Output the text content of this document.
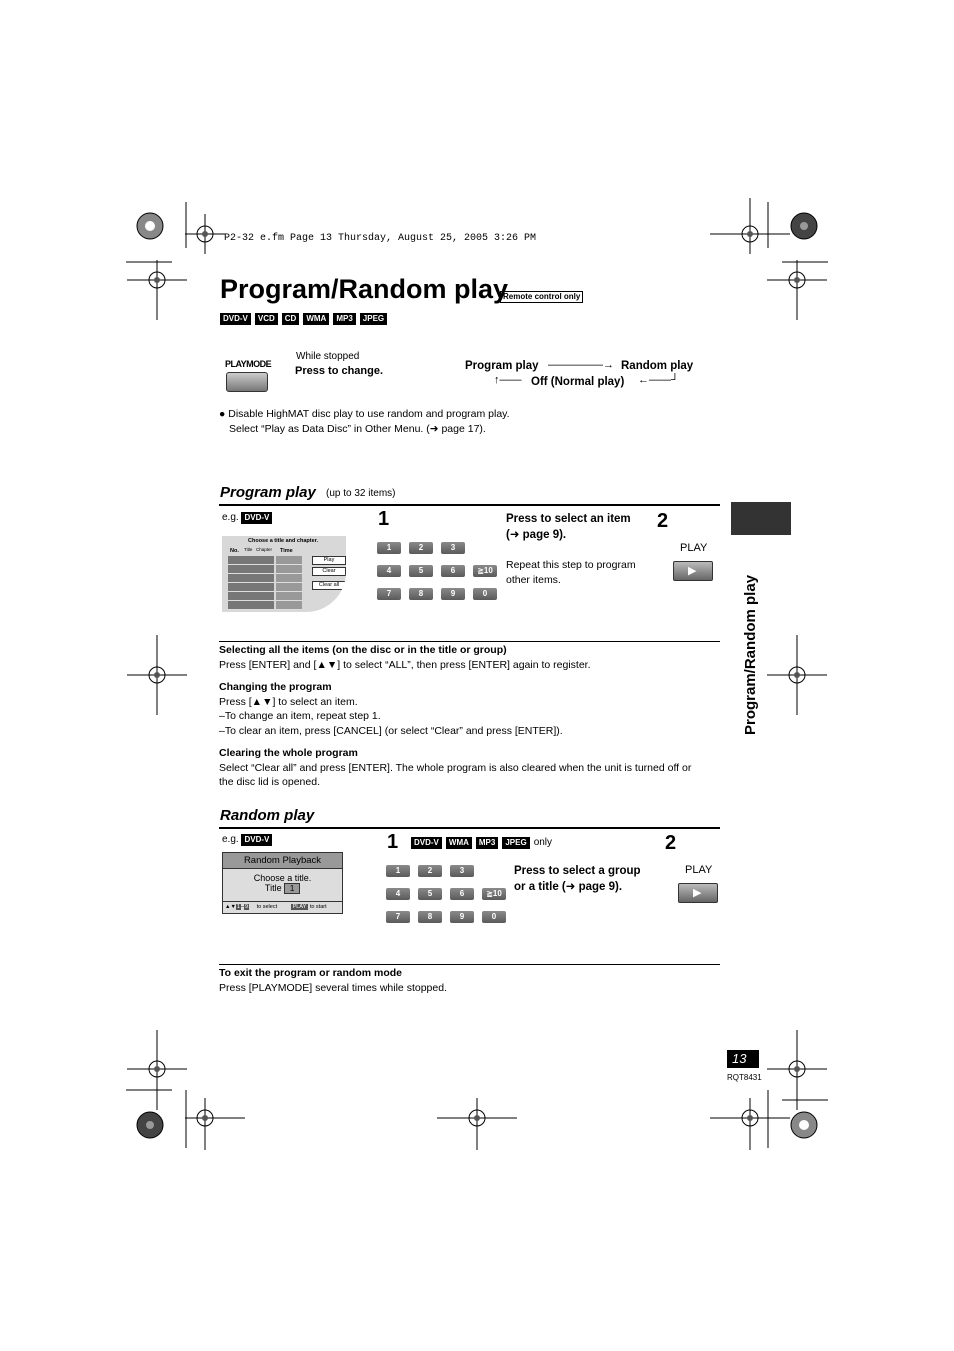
P2-32 e.fm Page 13 Thursday, August 25, 2005 3:26 PM
Program/Random play
Remote control only
DVD-V VCD CD WMA MP3 JPEG
PLAYMODE
While stopped
Press to change.	Program play —————→ Random play
↑—— Off (Normal play) ←——┘
● Disable HighMAT disc play to use random and program play.
Select “Play as Data Disc” in Other Menu. (➜ page 17).
Program/Random play
Program play (up to 32 items)
e.g. DVD-V
Choose a title and chapter.
No. Title Chapter Time
Play
Clear
Clear all
1
1	2	3
4	5	6	≧10
7	8	9	0
Press to select an item
(➜ page 9).
Repeat this step to program
other items.
2
PLAY
▶
Selecting all the items (on the disc or in the title or group)
Press [ENTER] and [▲▼] to select “ALL”, then press [ENTER] again to register.
Changing the program
Press [▲▼] to select an item.
–To change an item, repeat step 1.
–To clear an item, press [CANCEL] (or select “Clear” and press [ENTER]).
Clearing the whole program
Select “Clear all” and press [ENTER]. The whole program is also cleared when the unit is turned off or
the disc lid is opened.
Random play
e.g. DVD-V
Random Playback
Choose a title.
Title 1
▲▼1–9 to select	PLAY to start
1	DVD-V WMA MP3 JPEG only
1	2	3
4	5	6	≧10
7	8	9	0
Press to select a group
or a title (➜ page 9).
2
PLAY
▶
To exit the program or random mode
Press [PLAYMODE] several times while stopped.
13
RQT8431
